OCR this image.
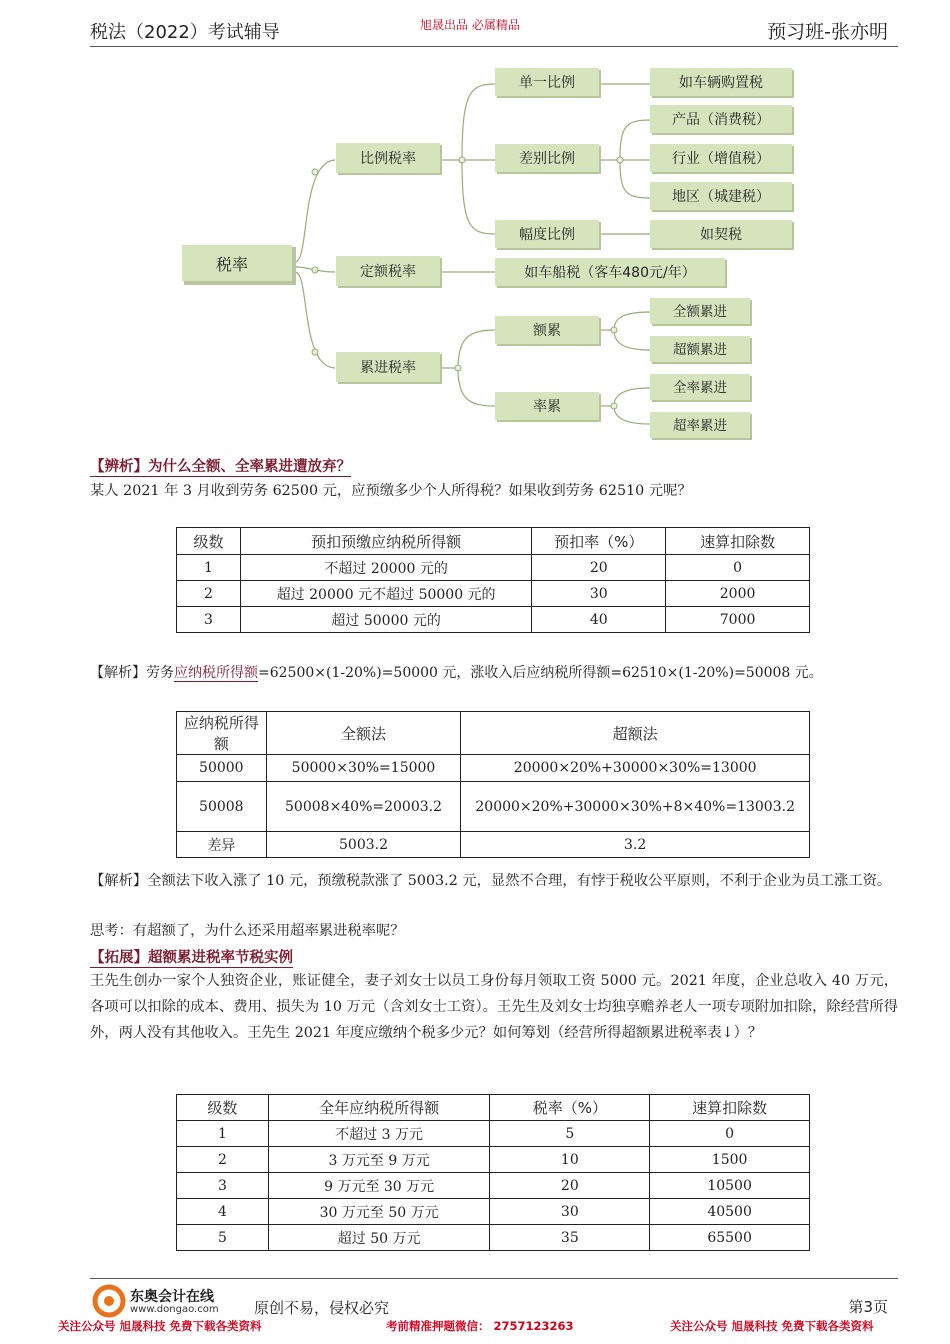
税法（2022）考试辅导	旭晟出品 必属精品	预习班-张亦明
税率
比例税率
定额税率
累进税率
单一比例
差别比例
幅度比例
如车辆购置税
产品（消费税）
行业（增值税）
地区（城建税）
如契税
如车船税（客车480元/年）
额累
率累
全额累进
超额累进
全率累进
超率累进
【辨析】为什么全额、全率累进遭放弃？
某人 2021 年 3 月收到劳务 62500 元，应预缴多少个人所得税？如果收到劳务 62510 元呢？
级数	预扣预缴应纳税所得额	预扣率（%）	速算扣除数
1	不超过 20000 元的	20	0
2	超过 20000 元不超过 50000 元的	30	2000
3	超过 50000 元的	40	7000
【解析】劳务应纳税所得额=62500×(1-20%)=50000 元，涨收入后应纳税所得额=62510×(1-20%)=50008 元。
应纳税所得额	全额法	超额法
50000	50000×30%=15000	20000×20%+30000×30%=13000
50008	50008×40%=20003.2	20000×20%+30000×30%+8×40%=13003.2
差异	5003.2	3.2
【解析】全额法下收入涨了 10 元，预缴税款涨了 5003.2 元，显然不合理，有悖于税收公平原则，不利于企业为员工涨工资。
思考：有超额了，为什么还采用超率累进税率呢？
【拓展】超额累进税率节税实例
王先生创办一家个人独资企业，账证健全，妻子刘女士以员工身份每月领取工资 5000 元。2021 年度，企业总收入 40 万元，各项可以扣除的成本、费用、损失为 10 万元（含刘女士工资）。王先生及刘女士均独享赡养老人一项专项附加扣除，除经营所得外，两人没有其他收入。王先生 2021 年度应缴纳个税多少元？如何筹划（经营所得超额累进税率表↓）？
级数	全年应纳税所得额	税率（%）	速算扣除数
1	不超过 3 万元	5	0
2	3 万元至 9 万元	10	1500
3	9 万元至 30 万元	20	10500
4	30 万元至 50 万元	30	40500
5	超过 50 万元	35	65500
东奥会计在线
www.dongao.com 原创不易，侵权必究	第3页
关注公众号 旭晟科技 免费下载各类资料	考前精准押题微信： 2757123263	关注公众号 旭晟科技 免费下载各类资料
